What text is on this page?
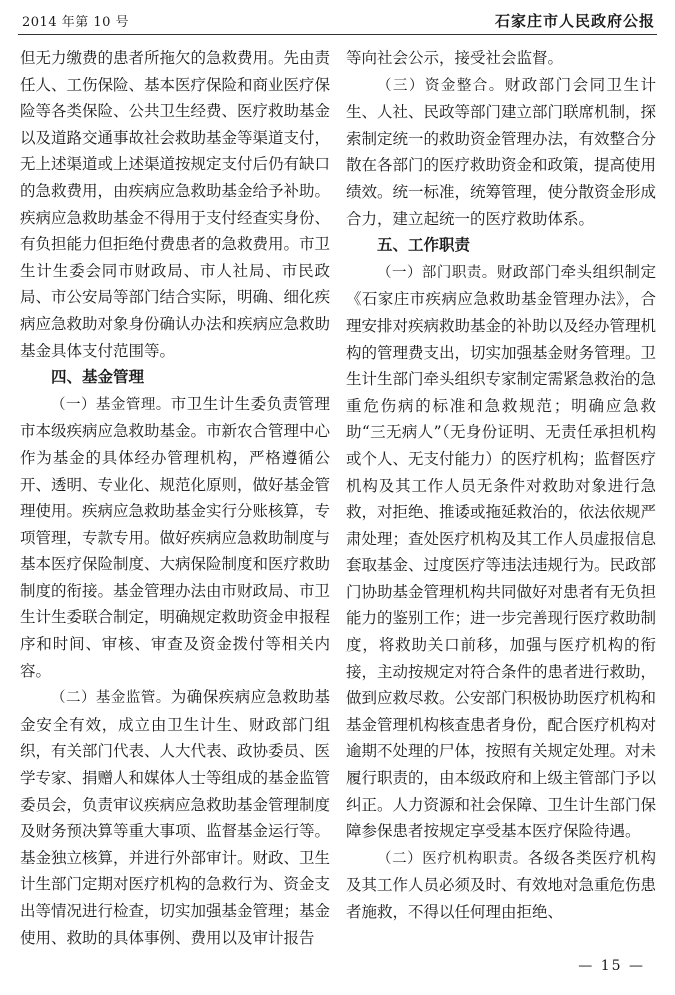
2014 年第 10 号	石家庄市人民政府公报

但无力缴费的患者所拖欠的急救费用。先由责任人、工伤保险、基本医疗保险和商业医疗保险等各类保险、公共卫生经费、医疗救助基金以及道路交通事故社会救助基金等渠道支付，无上述渠道或上述渠道按规定支付后仍有缺口的急救费用，由疾病应急救助基金给予补助。疾病应急救助基金不得用于支付经查实身份、有负担能力但拒绝付费患者的急救费用。市卫生计生委会同市财政局、市人社局、市民政局、市公安局等部门结合实际，明确、细化疾病应急救助对象身份确认办法和疾病应急救助基金具体支付范围等。

四、基金管理

（一）基金管理。市卫生计生委负责管理市本级疾病应急救助基金。市新农合管理中心作为基金的具体经办管理机构，严格遵循公开、透明、专业化、规范化原则，做好基金管理使用。疾病应急救助基金实行分账核算，专项管理，专款专用。做好疾病应急救助制度与基本医疗保险制度、大病保险制度和医疗救助制度的衔接。基金管理办法由市财政局、市卫生计生委联合制定，明确规定救助资金申报程序和时间、审核、审查及资金拨付等相关内容。

（二）基金监管。为确保疾病应急救助基金安全有效，成立由卫生计生、财政部门组织，有关部门代表、人大代表、政协委员、医学专家、捐赠人和媒体人士等组成的基金监管委员会，负责审议疾病应急救助基金管理制度及财务预决算等重大事项、监督基金运行等。基金独立核算，并进行外部审计。财政、卫生计生部门定期对医疗机构的急救行为、资金支出等情况进行检查，切实加强基金管理；基金使用、救助的具体事例、费用以及审计报告

等向社会公示，接受社会监督。

（三）资金整合。财政部门会同卫生计生、人社、民政等部门建立部门联席机制，探索制定统一的救助资金管理办法，有效整合分散在各部门的医疗救助资金和政策，提高使用绩效。统一标准，统筹管理，使分散资金形成合力，建立起统一的医疗救助体系。

五、工作职责

（一）部门职责。财政部门牵头组织制定《石家庄市疾病应急救助基金管理办法》，合理安排对疾病救助基金的补助以及经办管理机构的管理费支出，切实加强基金财务管理。卫生计生部门牵头组织专家制定需紧急救治的急重危伤病的标准和急救规范；明确应急救助“三无病人”（无身份证明、无责任承担机构或个人、无支付能力）的医疗机构；监督医疗机构及其工作人员无条件对救助对象进行急救，对拒绝、推诿或拖延救治的，依法依规严肃处理；查处医疗机构及其工作人员虚报信息套取基金、过度医疗等违法违规行为。民政部门协助基金管理机构共同做好对患者有无负担能力的鉴别工作；进一步完善现行医疗救助制度，将救助关口前移，加强与医疗机构的衔接，主动按规定对符合条件的患者进行救助，做到应救尽救。公安部门积极协助医疗机构和基金管理机构核查患者身份，配合医疗机构对逾期不处理的尸体，按照有关规定处理。对未履行职责的，由本级政府和上级主管部门予以纠正。人力资源和社会保障、卫生计生部门保障参保患者按规定享受基本医疗保险待遇。

（二）医疗机构职责。各级各类医疗机构及其工作人员必须及时、有效地对急重危伤患者施救，不得以任何理由拒绝、

— 15 —
